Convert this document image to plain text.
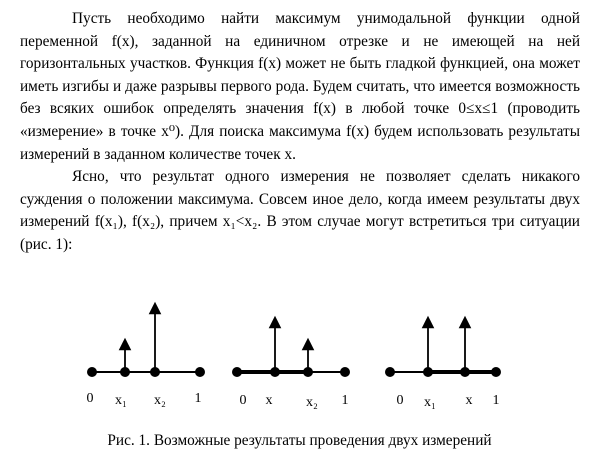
Пусть необходимо найти максимум унимодальной функции одной переменной f(x), заданной на единичном отрезке и не имеющей на ней горизонтальных участков. Функция f(x) может не быть гладкой функцией, она может иметь изгибы и даже разрывы первого рода. Будем считать, что имеется возможность без всяких ошибок определять значения f(x) в любой точке 0≤x≤1 (проводить «измерение» в точке x⁰). Для поиска максимума f(x) будем использовать результаты измерений в заданном количестве точек x.

Ясно, что результат одного измерения не позволяет сделать никакого суждения о положении максимума. Совсем иное дело, когда имеем результаты двух измерений f(x₁), f(x₂), причем x₁<x₂. В этом случае могут встретиться три ситуации (рис. 1):

0 x₁ x₂ 1	0 x x₂ 1	0 x₁ x 1
Рис. 1. Возможные результаты проведения двух измерений
